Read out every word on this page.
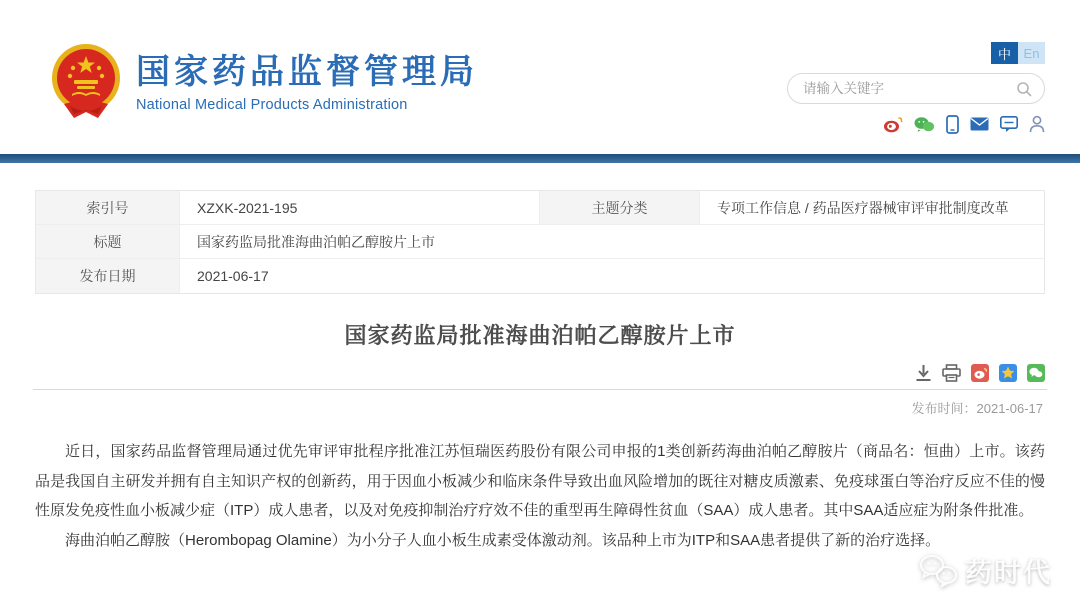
国家药品监督管理局
National Medical Products Administration
中 En
请输入关键字
索引号	XZXK-2021-195	主题分类	专项工作信息 / 药品医疗器械审评审批制度改革
标题	国家药监局批准海曲泊帕乙醇胺片上市
发布日期	2021-06-17
国家药监局批准海曲泊帕乙醇胺片上市
发布时间：2021-06-17

近日，国家药品监督管理局通过优先审评审批程序批准江苏恒瑞医药股份有限公司申报的1类创新药海曲泊帕乙醇胺片（商品名：恒曲）上市。该药品是我国自主研发并拥有自主知识产权的创新药，用于因血小板减少和临床条件导致出血风险增加的既往对糖皮质激素、免疫球蛋白等治疗反应不佳的慢性原发免疫性血小板减少症（ITP）成人患者，以及对免疫抑制治疗疗效不佳的重型再生障碍性贫血（SAA）成人患者。其中SAA适应症为附条件批准。

海曲泊帕乙醇胺（Herombopag Olamine）为小分子人血小板生成素受体激动剂。该品种上市为ITP和SAA患者提供了新的治疗选择。

药时代
